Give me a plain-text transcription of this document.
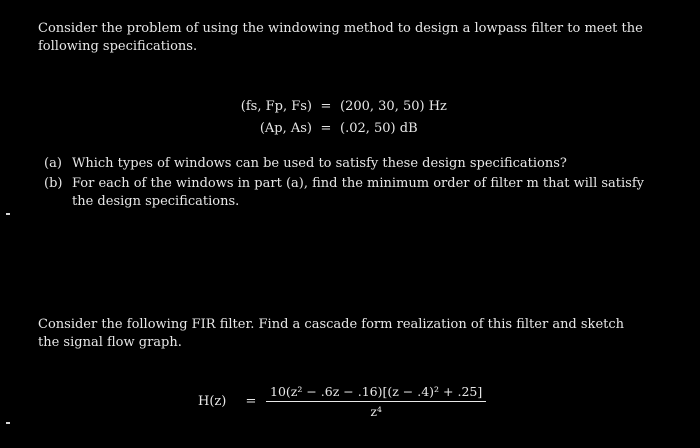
Consider the problem of using the windowing method to design a lowpass filter to meet the following specifications.
(fs, Fp, Fs) = (200, 30, 50) Hz
(Ap, As) = (.02, 50) dB
(a) Which types of windows can be used to satisfy these design specifications?
(b) For each of the windows in part (a), find the minimum order of filter m that will satisfy the design specifications.
Consider the following FIR filter. Find a cascade form realization of this filter and sketch the signal flow graph.
H(z)	= $\frac{\text{10(z² − .6z − .16)[(z − .4)² + .25]}}{\text{z⁴}}$
